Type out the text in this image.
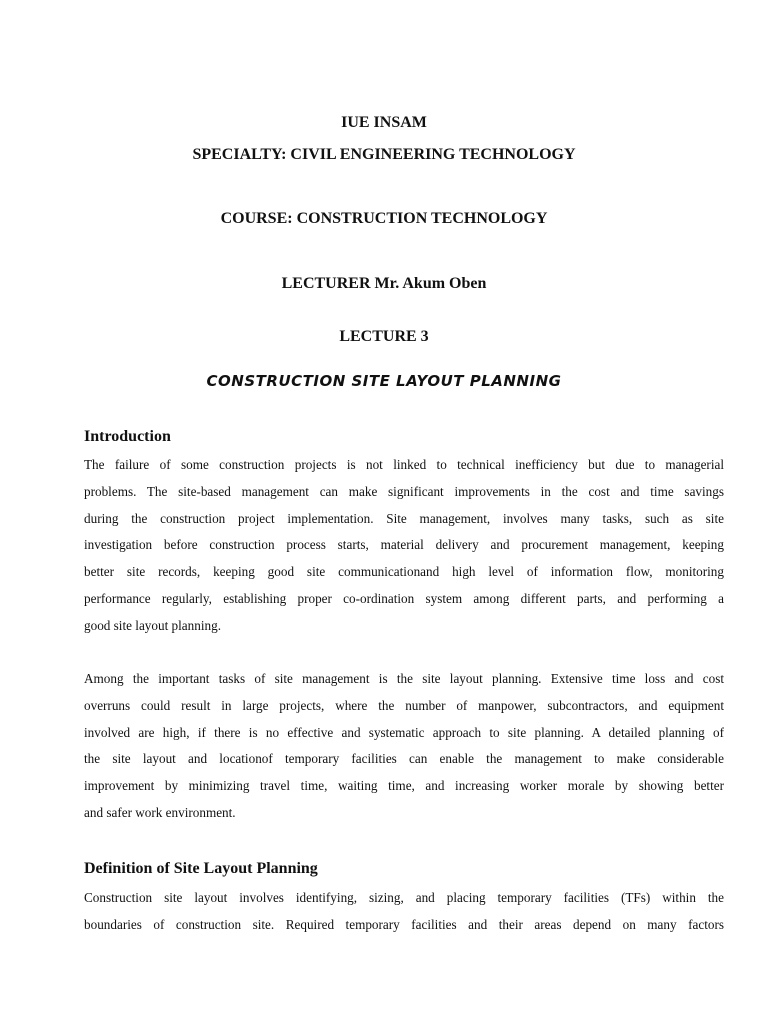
IUE INSAM
SPECIALTY: CIVIL ENGINEERING TECHNOLOGY
COURSE: CONSTRUCTION TECHNOLOGY
LECTURER Mr. Akum Oben
LECTURE 3
CONSTRUCTION SITE LAYOUT PLANNING
Introduction
The failure of some construction projects is not linked to technical inefficiency but due to managerial
problems. The site-based management can make significant improvements in the cost and time savings
during the construction project implementation. Site management, involves many tasks, such as site
investigation before construction process starts, material delivery and procurement management, keeping
better site records, keeping good site communicationand high level of information flow, monitoring
performance regularly, establishing proper co-ordination system among different parts, and performing a
good site layout planning.
Among the important tasks of site management is the site layout planning. Extensive time loss and cost
overruns could result in large projects, where the number of manpower, subcontractors, and equipment
involved are high, if there is no effective and systematic approach to site planning. A detailed planning of
the site layout and locationof temporary facilities can enable the management to make considerable
improvement by minimizing travel time, waiting time, and increasing worker morale by showing better
and safer work environment.
Definition of Site Layout Planning
Construction site layout involves identifying, sizing, and placing temporary facilities (TFs) within the
boundaries of construction site. Required temporary facilities and their areas depend on many factors
